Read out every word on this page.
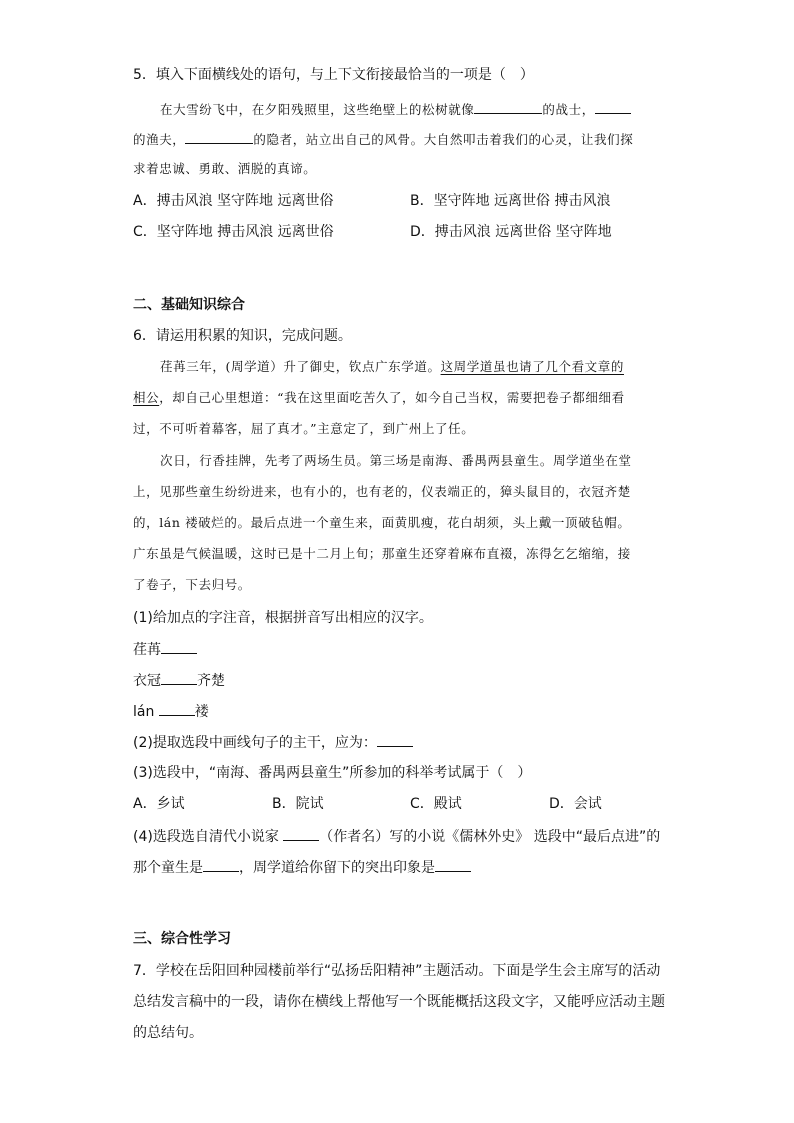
5．填入下面横线处的语句，与上下文衔接最恰当的一项是（　）
在大雪纷飞中，在夕阳残照里，这些绝壁上的松树就像	的战士，
的渔夫，	的隐者，站立出自己的风骨。大自然叩击着我们的心灵，让我们探
求着忠诚、勇敢、洒脱的真谛。
A．搏击风浪 坚守阵地 远离世俗	B．坚守阵地 远离世俗 搏击风浪
C．坚守阵地 搏击风浪 远离世俗	D．搏击风浪 远离世俗 坚守阵地
二、基础知识综合
6．请运用积累的知识，完成问题。
荏苒三年，(周学道）升了御史，钦点广东学道。这周学道虽也请了几个看文章的
相公，却自己心里想道：“我在这里面吃苦久了，如今自己当权，需要把卷子都细细看
过，不可听着幕客，屈了真才。”主意定了，到广州上了任。
次日，行香挂牌，先考了两场生员。第三场是南海、番禺两县童生。周学道坐在堂
上，见那些童生纷纷进来，也有小的，也有老的，仪表端正的，獐头鼠目的，衣冠齐楚
的，lán 褛破烂的。最后点进一个童生来，面黄肌瘦，花白胡须，头上戴一顶破毡帽。
广东虽是气候温暖，这时已是十二月上旬；那童生还穿着麻布直裰，冻得乞乞缩缩，接
了卷子，下去归号。
(1)给加点的字注音，根据拼音写出相应的汉字。
荏苒
衣冠	齐楚
lán	褛
(2)提取选段中画线句子的主干，应为：
(3)选段中，“南海、番禺两县童生”所参加的科举考试属于（　）
A．乡试	B．院试	C．殿试	D．会试
(4)选段选自清代小说家	（作者名）写的小说《儒林外史》 选段中“最后点进”的
那个童生是	，周学道给你留下的突出印象是
三、综合性学习
7．学校在岳阳回种园楼前举行“弘扬岳阳精神”主题活动。下面是学生会主席写的活动
总结发言稿中的一段，请你在横线上帮他写一个既能概括这段文字，又能呼应活动主题
的总结句。
